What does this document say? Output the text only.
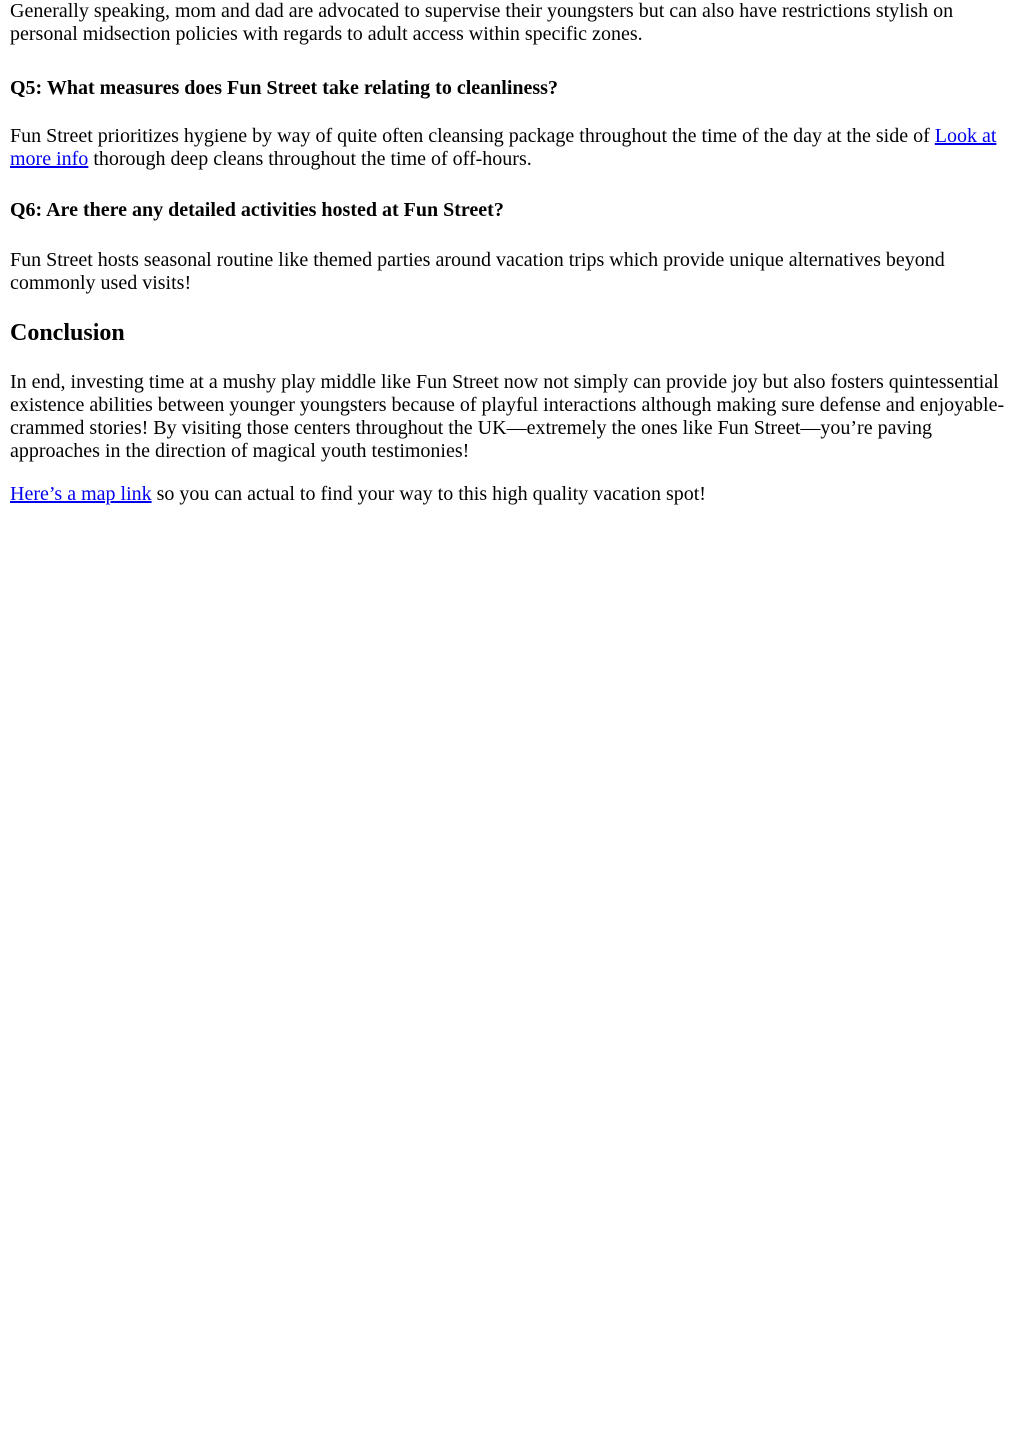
Generally speaking, mom and dad are advocated to supervise their youngsters but can also have restrictions stylish on personal midsection policies with regards to adult access within specific zones.

Q5: What measures does Fun Street take relating to cleanliness?

Fun Street prioritizes hygiene by way of quite often cleansing package throughout the time of the day at the side of Look at more info thorough deep cleans throughout the time of off-hours.

Q6: Are there any detailed activities hosted at Fun Street?

Fun Street hosts seasonal routine like themed parties around vacation trips which provide unique alternatives beyond commonly used visits!

Conclusion

In end, investing time at a mushy play middle like Fun Street now not simply can provide joy but also fosters quintessential existence abilities between younger youngsters because of playful interactions although making sure defense and enjoyable-crammed stories! By visiting those centers throughout the UK—extremely the ones like Fun Street—you’re paving approaches in the direction of magical youth testimonies!

Here’s a map link so you can actual to find your way to this high quality vacation spot!
